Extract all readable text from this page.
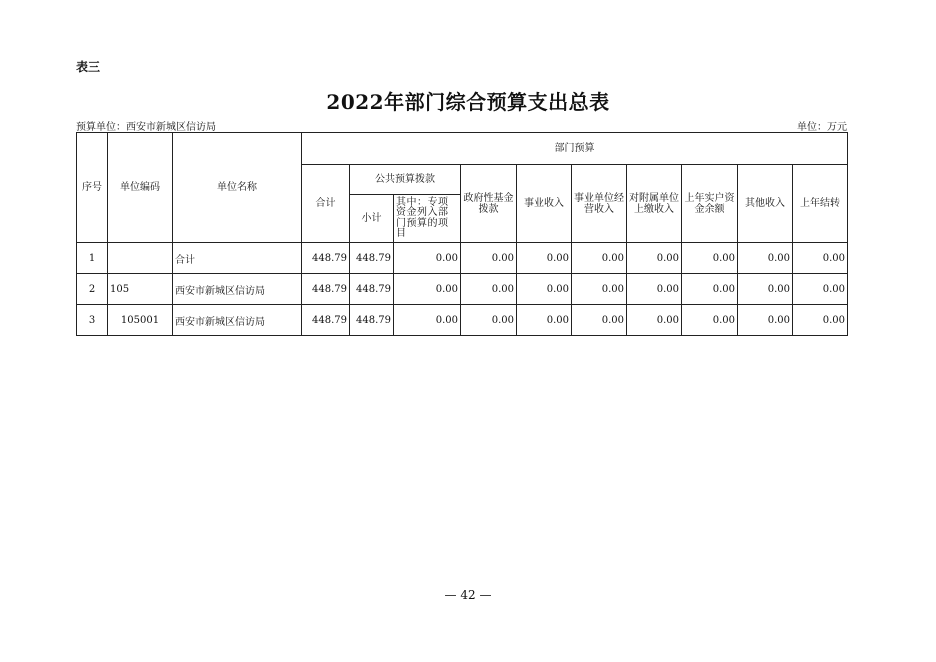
表三
2022年部门综合预算支出总表
预算单位：西安市新城区信访局	单位：万元
序号	单位编码	单位名称	部门预算									
			合计	公共预算拨款		政府性基金拨款	事业收入	事业单位经营收入	对附属单位上缴收入	上年实户资金余额	其他收入	上年结转
				小计	其中：专项资金列入部门预算的项目							
1		合计	448.79	448.79	0.00	0.00	0.00	0.00	0.00	0.00	0.00	0.00
2	105	西安市新城区信访局	448.79	448.79	0.00	0.00	0.00	0.00	0.00	0.00	0.00	0.00
3	105001	西安市新城区信访局	448.79	448.79	0.00	0.00	0.00	0.00	0.00	0.00	0.00	0.00
— 42 —
